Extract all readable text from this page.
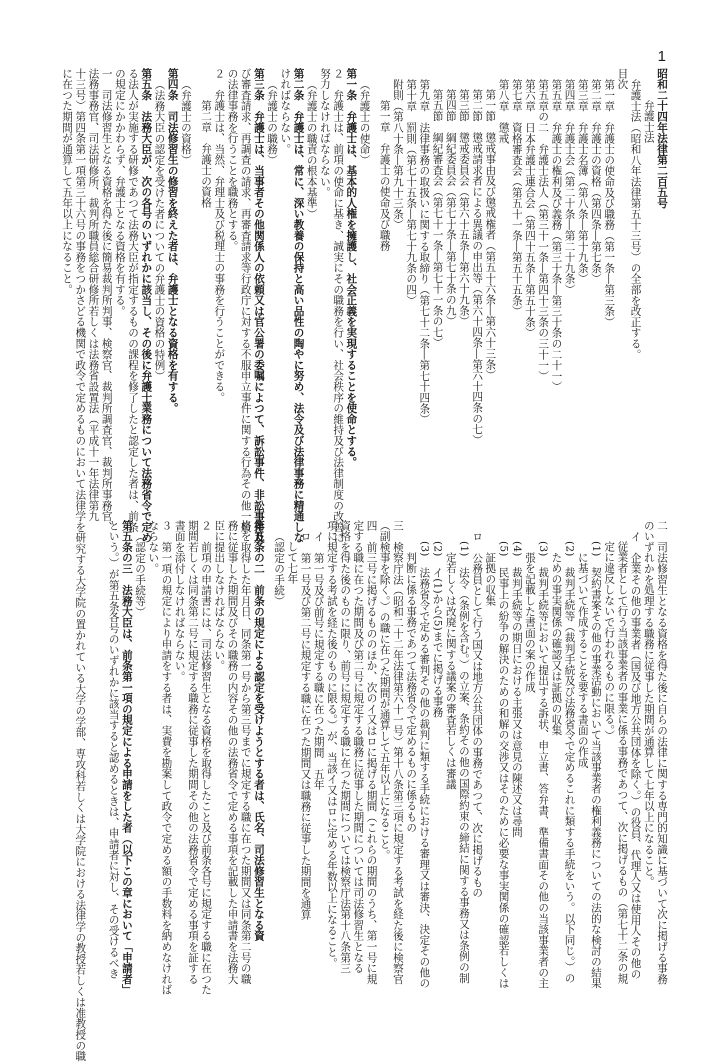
1
昭和二十四年法律第二百五号
弁護士法
弁護士法（昭和八年法律第五十三号）の全部を改正する。
目次
第一章　弁護士の使命及び職務（第一条―第三条）
第二章　弁護士の資格（第四条―第七条）
第三章　弁護士名簿（第八条―第十九条）
第四章　弁護士会（第二十条―第二十九条）
第五章　弁護士の権利及び義務（第三十条―第三十条の二十一）
第五章の二　弁護士法人（第三十一条―第四十三条の三十一）
第六章　日本弁護士連合会（第四十五条―第五十条）
第七章　資格審査会（第五十一条―第五十五条）
第八章　懲戒
第一節　懲戒事由及び懲戒権者（第五十六条―第六十三条）
第二節　懲戒請求者による異議の申出等（第六十四条―第六十四条の七）
第三節　懲戒委員会（第六十五条―第六十九条）
第四節　綱紀委員会（第七十条―第七十条の九）
第五節　綱紀審査会（第七十一条―第七十一条の七）
第九章　法律事務の取扱いに関する取締り（第七十二条―第七十四条）
第十章　罰則（第七十五条―第七十九条の四）
附則（第八十条―第九十三条）
第一章　弁護士の使命及び職務
（弁護士の使命）
第一条　弁護士は、基本的人権を擁護し、社会正義を実現することを使命とする。
２　弁護士は、前項の使命に基き、誠実にその職務を行い、社会秩序の維持及び法律制度の改善に
努力しなければならない。
（弁護士の職責の根本基準）
第二条　弁護士は、常に、深い教養の保持と高い品性の陶やに努め、法令及び法律事務に精通しな
ければならない。
（弁護士の職務）
第三条　弁護士は、当事者その他関係人の依頼又は官公署の委嘱によつて、訴訟事件、非訟事件及
び審査請求、再調査の請求、再審査請求等行政庁に対する不服申立事件に関する行為その他一般
の法律事務を行うことを職務とする。
２　弁護士は、当然、弁理士及び税理士の事務を行うことができる。
第二章　弁護士の資格
（弁護士の資格）
第四条　司法修習生の修習を終えた者は、弁護士となる資格を有する。
（法務大臣の認定を受けた者についての弁護士の資格の特例）
第五条　法務大臣が、次の各号のいずれかに該当し、その後に弁護士業務について法務省令で定め
る法人が実施する研修であつて法務大臣が指定するものの課程を修了したと認定した者は、前条
の規定にかかわらず、弁護士となる資格を有する。
一　司法修習生となる資格を得た後に簡易裁判所判事、検察官、裁判所調査官、裁判所事務官、
法務事務官、司法研修所、裁判所職員総合研修所若しくは法務省設置法（平成十一年法律第九
十三号）第四条第一項第三十六号の事務をつかさどる機関で政令で定めるものにおいて法律学を研究する大学院の置かれている大学の学部、専攻科若しくは大学院における法律学の教授若しくは准教授の職
に在つた期間が通算して五年以上になること。
二　司法修習生となる資格を得た後に自らの法律に関する専門的知識に基づいて次に掲げる事務
のいずれかを処理する職務に従事した期間が通算して七年以上になること。
イ　企業その他の事業者（国及び地方公共団体を除く。）の役員、代理人又は使用人その他の
従業者として行う当該事業者の事業に係る事務であつて、次に掲げるもの（第七十二条の規
定に違反しないで行われるものに限る。）
(1)　契約書案その他の事業活動において当該事業者の権利義務についての法的な検討の結果
に基づいて作成することを要する書面の作成
(2)　裁判手続等（裁判手続及び法務省令で定めるこれに類する手続をいう。以下同じ。）の
ための事実関係の確認又は証拠の収集
(3)　裁判手続等において提出する訴状、申立書、答弁書、準備書面その他の当該事業者の主
張を記載した書面の案の作成
(4)　裁判手続等の期日における主張又は意見の陳述又は尋問
(5)　民事上の紛争の解決のための和解の交渉又はそのために必要な事実関係の確認若しくは
証拠の収集
ロ　公務員として行う国又は地方公共団体の事務であつて、次に掲げるもの
(1)　法令（条例を含む。）の立案、条約その他の国際約束の締結に関する事務又は条例の制
定若しくは改廃に関する議案の審査若しくは審議
(2)　イ(1)から(5)までに掲げる事務
(3)　法務省令で定める審判その他の裁判に類する手続における審理又は審決、決定その他の
判断に係る事務であつて法務省令で定めるものに係るもの
三　検察庁法（昭和二十二年法律第六十一号）第十八条第三項に規定する考試を経た後に検察官
（副検事を除く。）の職に在つた期間が通算して五年以上になること。
四　前三号に掲げるもののほか、次のイ又はロに掲げる期間（これらの期間のうち、第一号に規
定する職に在つた期間及び第二号に規定する職務に従事した期間については司法修習生となる
資格を得た後のものに限り、前号に規定する職に在つた期間については検察庁法第十八条第三
項に規定する考試を経た後のものに限る。）が、当該イ又はロに定める年数以上になること。
イ　第一号及び前号に規定する職に在つた期間　五年
ロ　第一号及び第二号に規定する職に在つた期間又は職務に従事した期間を通算
して七年
（認定の手続）
第五条の二　前条の規定による認定を受けようとする者は、氏名、司法修習生となる資
格を取得した年月日、同条第一号から第三号までに規定する職に在つた期間又は同条第二号の職
務に従事した期間及びその職務の内容その他の法務省令で定める事項を記載した申請書を法務大
臣に提出しなければならない。
２　前項の申請書には、司法修習生となる資格を取得したこと及び前条各号に規定する職に在つた
期間若しくは同条第二号に規定する職務に従事した期間その他の法務省令で定める事項を証する
書面を添付しなければならない。
３　第一項の規定により申請をする者は、実費を勘案して政令で定める額の手数料を納めなければ
ならない。
（認定の手続等）
第五条の三　法務大臣は、前条第一項の規定による申請をした者（以下この章において「申請者」
という。）が第五条各号のいずれかに該当すると認めるときは、申請者に対し、その受けるべき
